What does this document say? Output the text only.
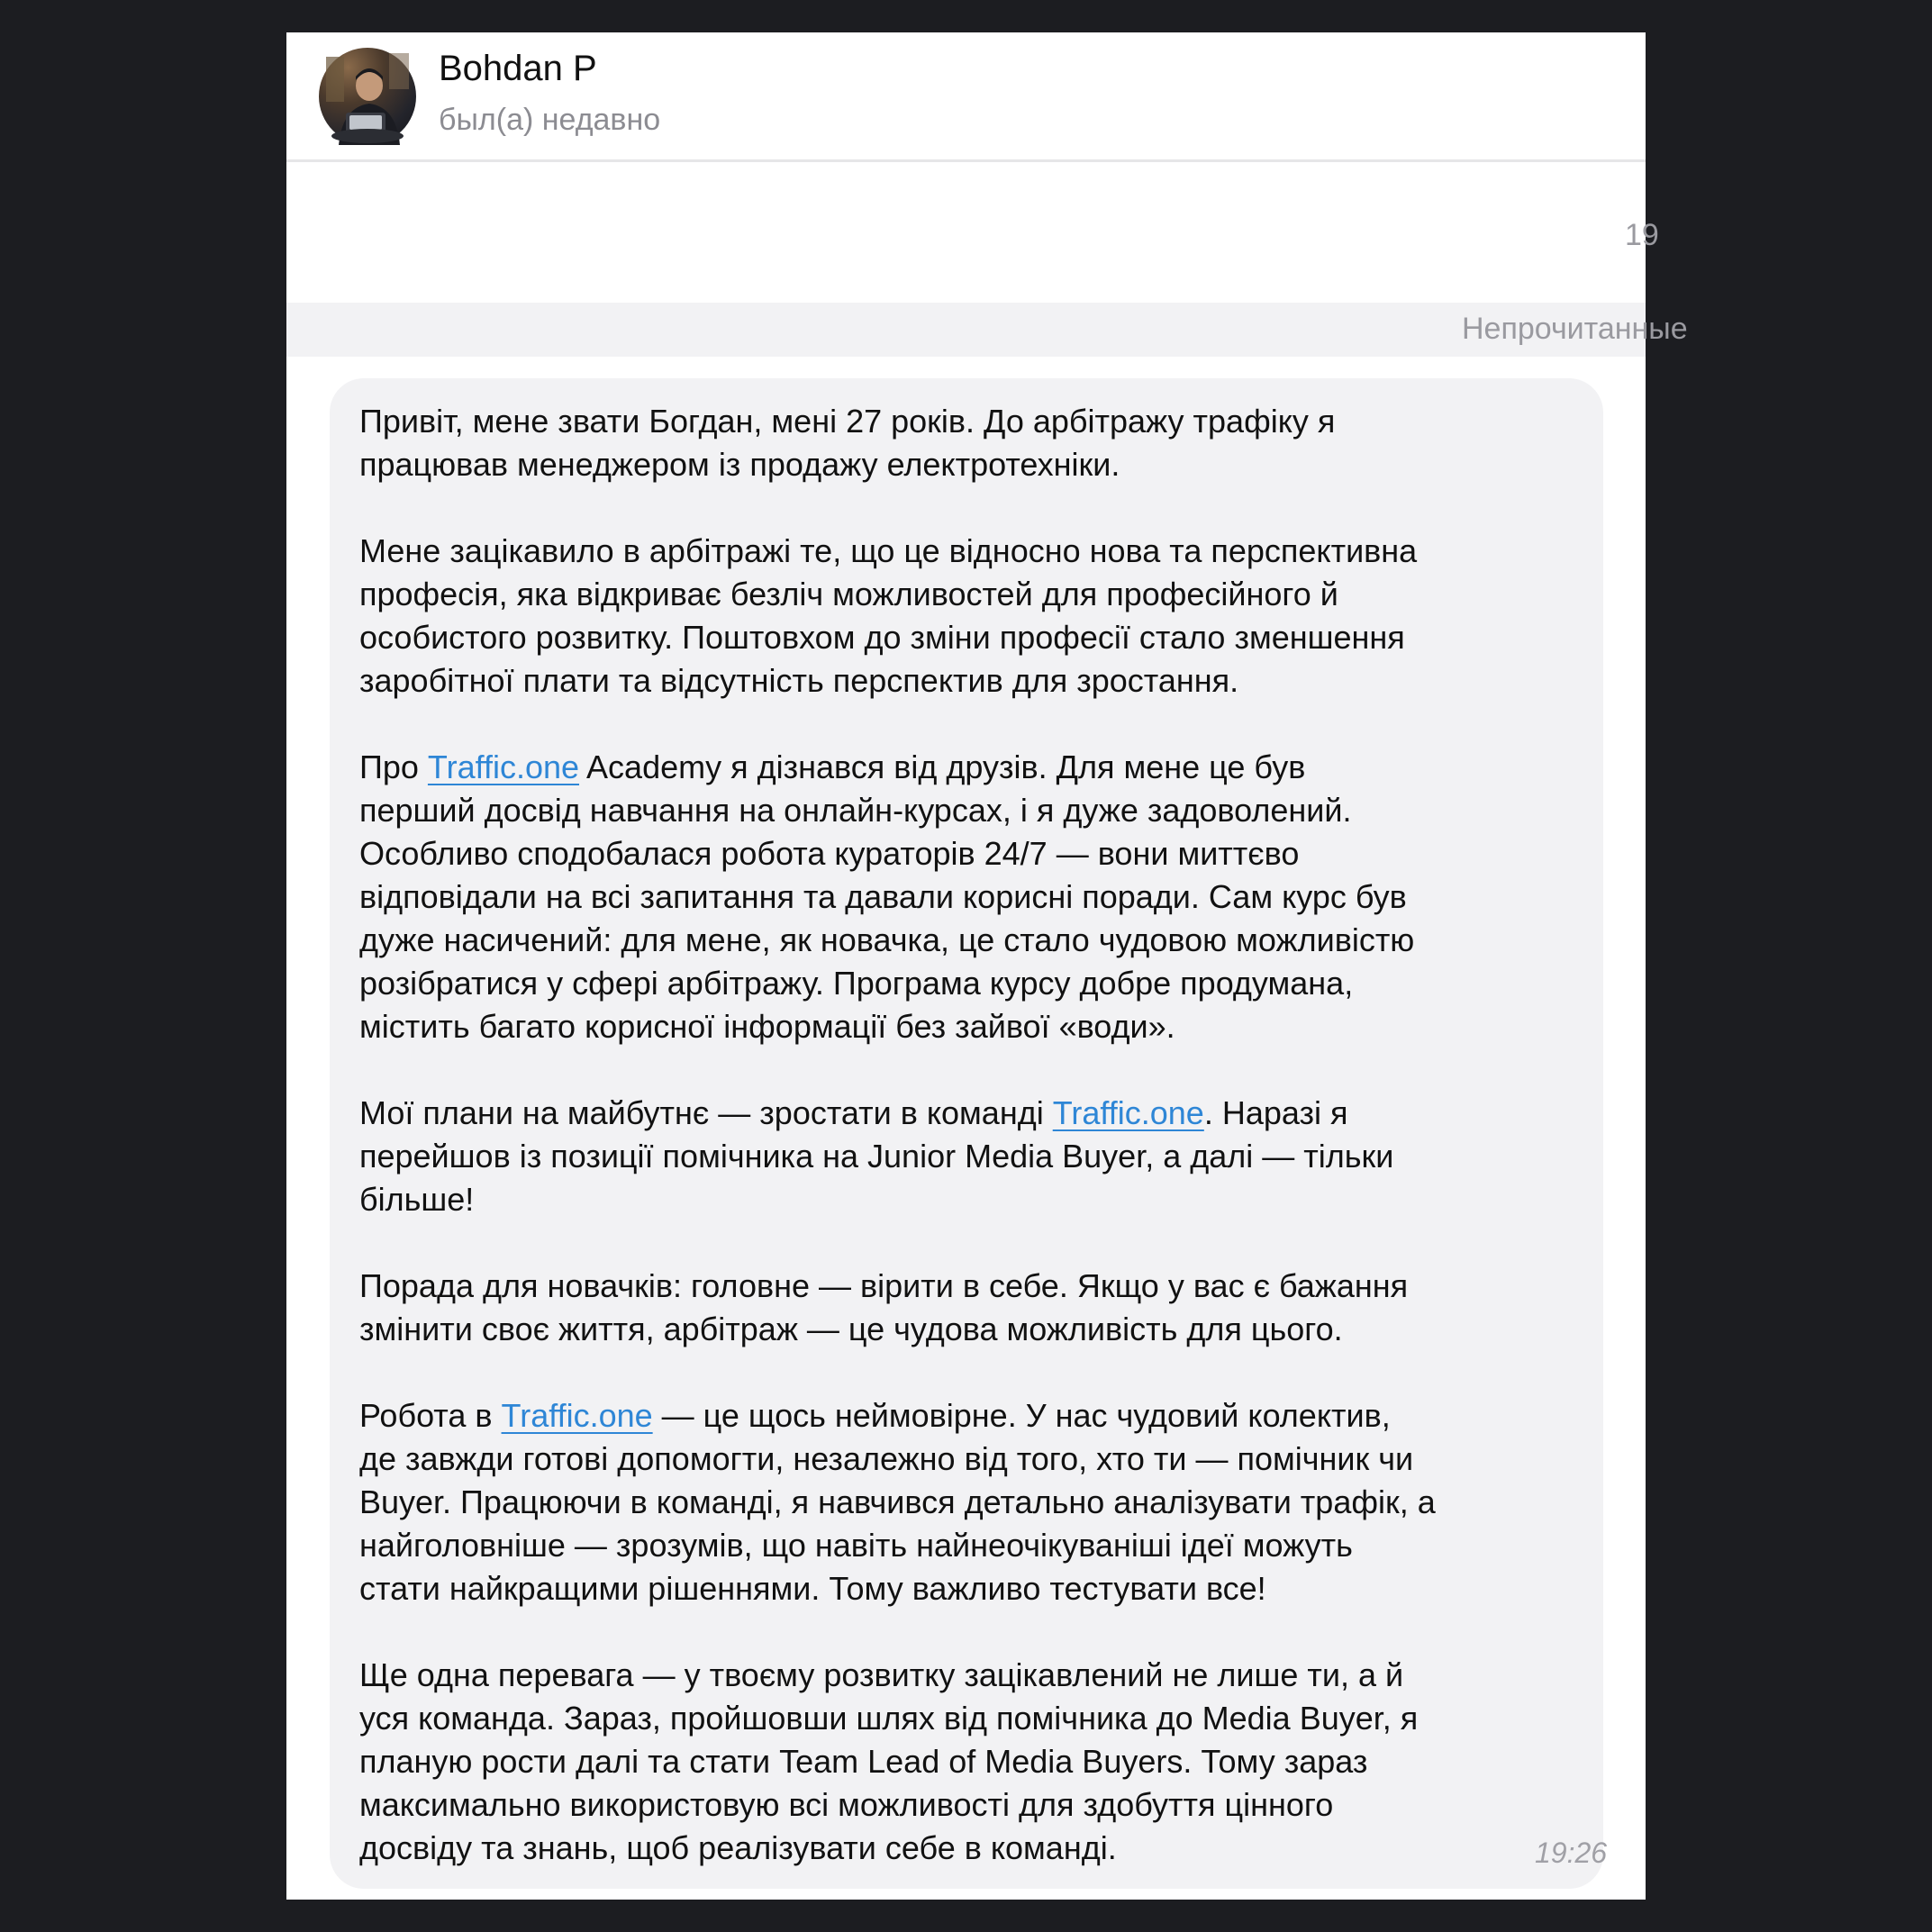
Bohdan P
был(а) недавно
19
Непрочитанные
Привіт, мене звати Богдан, мені 27 років. До арбітражу трафіку я
працював менеджером із продажу електротехніки.
Мене зацікавило в арбітражі те, що це відносно нова та перспективна
професія, яка відкриває безліч можливостей для професійного й
особистого розвитку. Поштовхом до зміни професії стало зменшення
заробітної плати та відсутність перспектив для зростання.
Про Traffic.one Academy я дізнався від друзів. Для мене це був
перший досвід навчання на онлайн-курсах, і я дуже задоволений.
Особливо сподобалася робота кураторів 24/7 — вони миттєво
відповідали на всі запитання та давали корисні поради. Сам курс був
дуже насичений: для мене, як новачка, це стало чудовою можливістю
розібратися у сфері арбітражу. Програма курсу добре продумана,
містить багато корисної інформації без зайвої «води».
Мої плани на майбутнє — зростати в команді Traffic.one. Наразі я
перейшов із позиції помічника на Junior Media Buyer, а далі — тільки
більше!
Порада для новачків: головне — вірити в себе. Якщо у вас є бажання
змінити своє життя, арбітраж — це чудова можливість для цього.
Робота в Traffic.one — це щось неймовірне. У нас чудовий колектив,
де завжди готові допомогти, незалежно від того, хто ти — помічник чи
Buyer. Працюючи в команді, я навчився детально аналізувати трафік, а
найголовніше — зрозумів, що навіть найнеочікуваніші ідеї можуть
стати найкращими рішеннями. Тому важливо тестувати все!
Ще одна перевага — у твоєму розвитку зацікавлений не лише ти, а й
уся команда. Зараз, пройшовши шлях від помічника до Media Buyer, я
планую рости далі та стати Team Lead of Media Buyers. Тому зараз
максимально використовую всі можливості для здобуття цінного
досвіду та знань, щоб реалізувати себе в команді.	19:26
